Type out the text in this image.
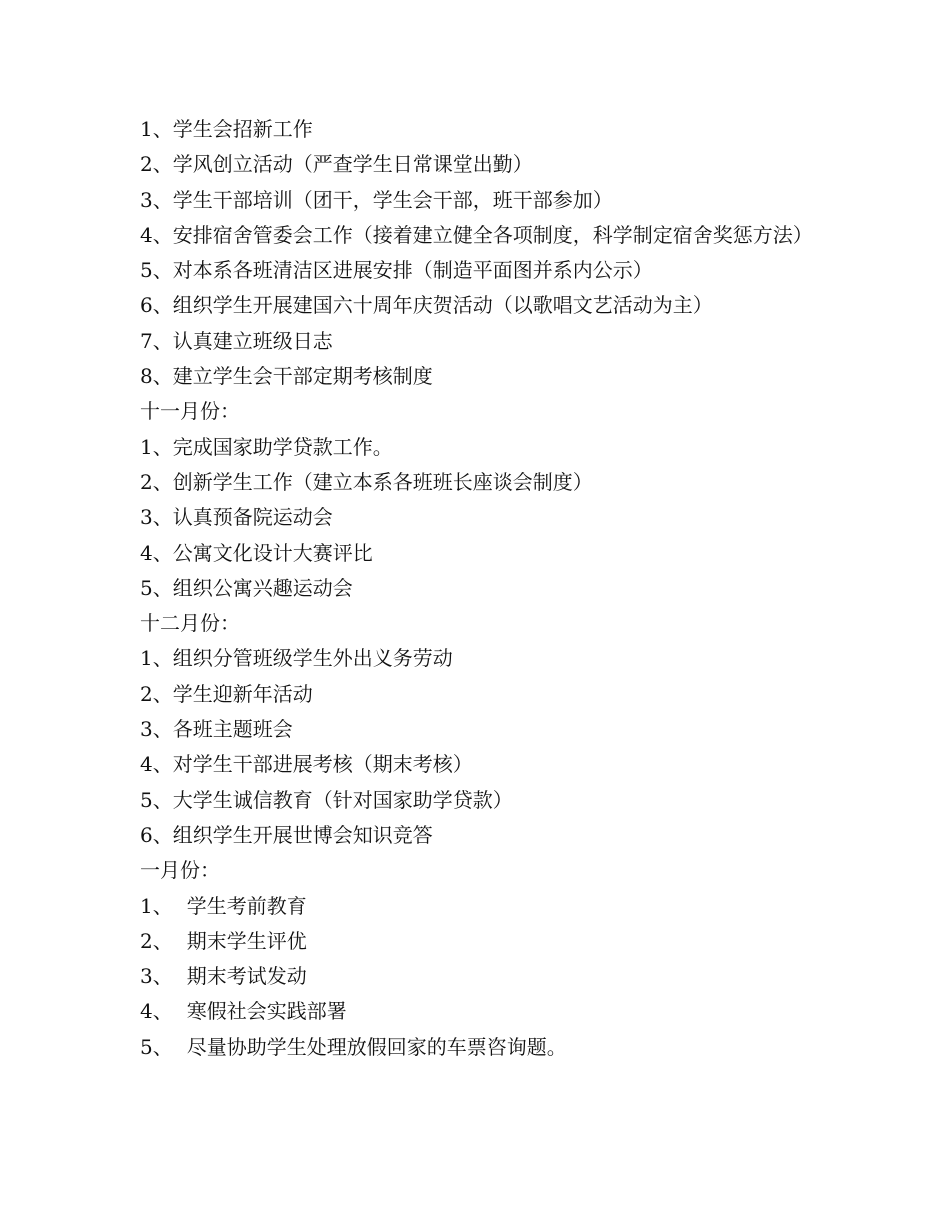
1、学生会招新工作

2、学风创立活动（严查学生日常课堂出勤）

3、学生干部培训（团干，学生会干部，班干部参加）

4、安排宿舍管委会工作（接着建立健全各项制度，科学制定宿舍奖惩方法）

5、对本系各班清洁区进展安排（制造平面图并系内公示）

6、组织学生开展建国六十周年庆贺活动（以歌唱文艺活动为主）

7、认真建立班级日志

8、建立学生会干部定期考核制度

十一月份：

1、完成国家助学贷款工作。

2、创新学生工作（建立本系各班班长座谈会制度）

3、认真预备院运动会

4、公寓文化设计大赛评比

5、组织公寓兴趣运动会

十二月份：

1、组织分管班级学生外出义务劳动

2、学生迎新年活动

3、各班主题班会

4、对学生干部进展考核（期末考核）

5、大学生诚信教育（针对国家助学贷款）

6、组织学生开展世博会知识竞答

一月份：

1、 学生考前教育

2、 期末学生评优

3、 期末考试发动

4、 寒假社会实践部署

5、 尽量协助学生处理放假回家的车票咨询题。
